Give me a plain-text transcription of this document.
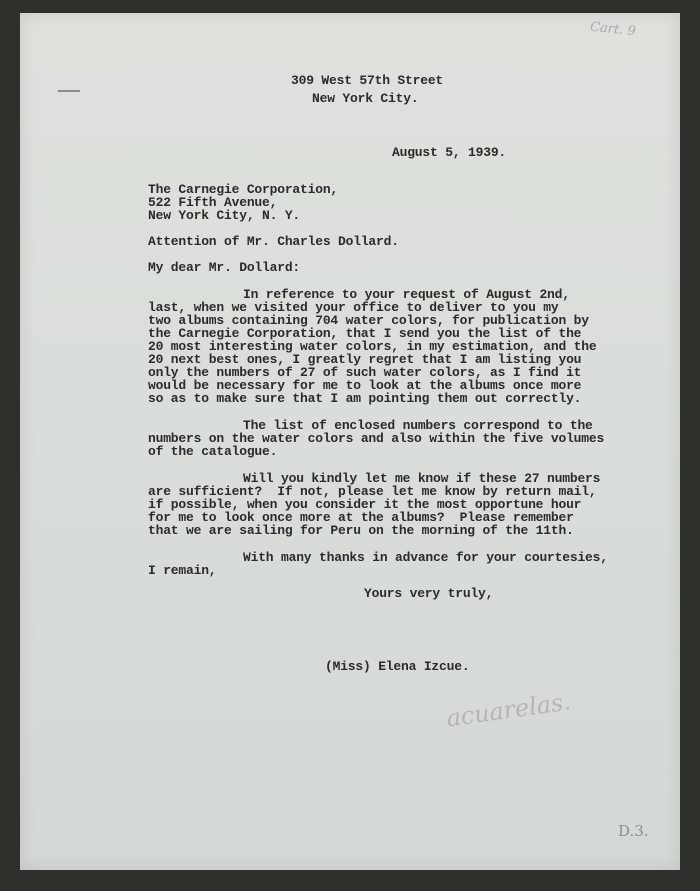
Cart. 9
309 West 57th Street
New York City.
August 5, 1939.
The Carnegie Corporation,
522 Fifth Avenue,
New York City, N. Y.
Attention of Mr. Charles Dollard.
My dear Mr. Dollard:
In reference to your request of August 2nd,
last, when we visited your office to deliver to you my
two albums containing 704 water colors, for publication by
the Carnegie Corporation, that I send you the list of the
20 most interesting water colors, in my estimation, and the
20 next best ones, I greatly regret that I am listing you
only the numbers of 27 of such water colors, as I find it
would be necessary for me to look at the albums once more
so as to make sure that I am pointing them out correctly.
The list of enclosed numbers correspond to the
numbers on the water colors and also within the five volumes
of the catalogue.
Will you kindly let me know if these 27 numbers
are sufficient?  If not, please let me know by return mail,
if possible, when you consider it the most opportune hour
for me to look once more at the albums?  Please remember
that we are sailing for Peru on the morning of the 11th.
With many thanks in advance for your courtesies,
I remain,
Yours very truly,
(Miss) Elena Izcue.
acuarelas.
D.3.
